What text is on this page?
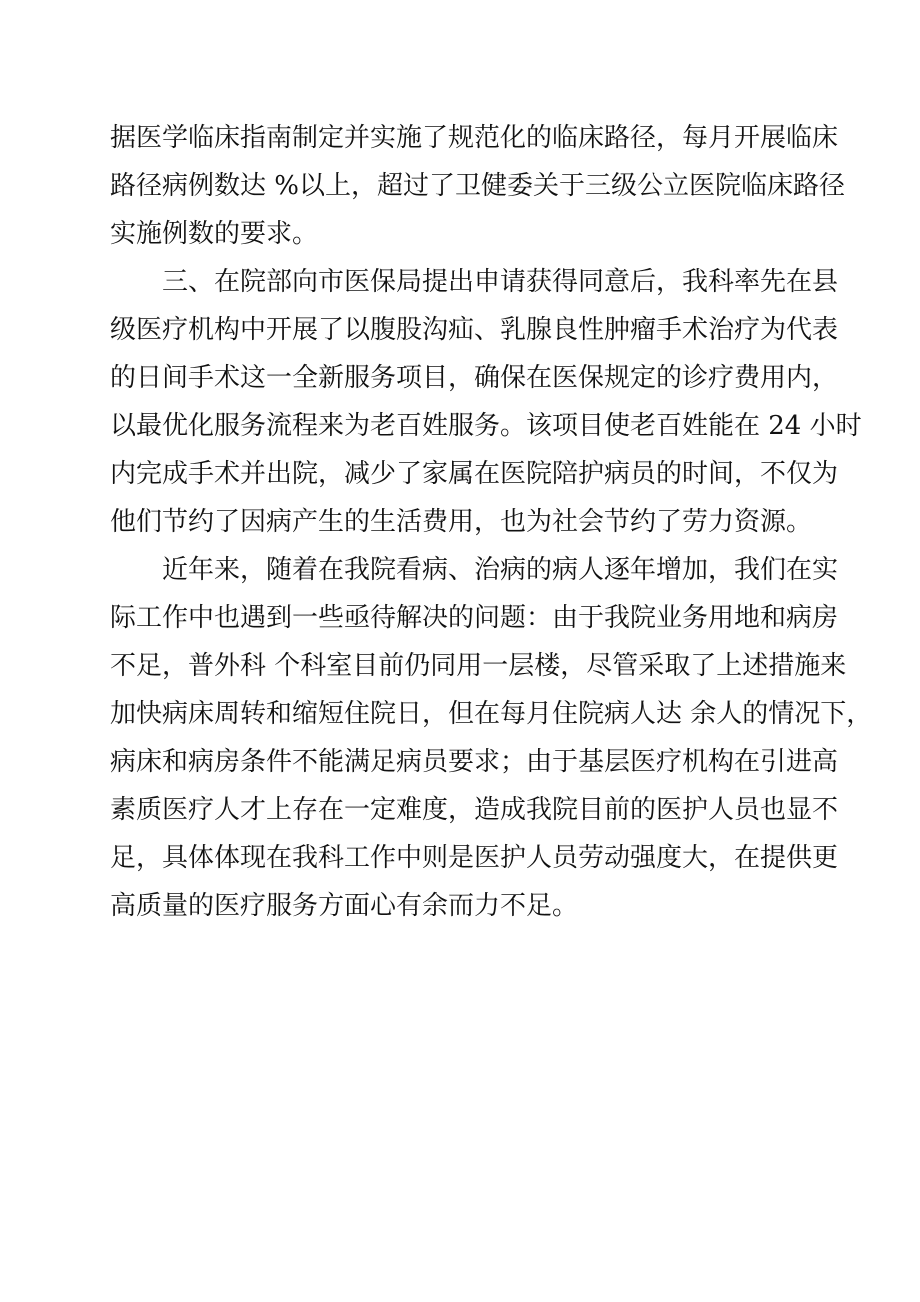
据医学临床指南制定并实施了规范化的临床路径，每月开展临床
路径病例数达 %以上，超过了卫健委关于三级公立医院临床路径
实施例数的要求。
三、在院部向市医保局提出申请获得同意后，我科率先在县
级医疗机构中开展了以腹股沟疝、乳腺良性肿瘤手术治疗为代表
的日间手术这一全新服务项目，确保在医保规定的诊疗费用内，
以最优化服务流程来为老百姓服务。该项目使老百姓能在 24 小时
内完成手术并出院，减少了家属在医院陪护病员的时间，不仅为
他们节约了因病产生的生活费用，也为社会节约了劳力资源。
近年来，随着在我院看病、治病的病人逐年增加，我们在实
际工作中也遇到一些亟待解决的问题：由于我院业务用地和病房
不足，普外科 个科室目前仍同用一层楼，尽管采取了上述措施来
加快病床周转和缩短住院日，但在每月住院病人达 余人的情况下，
病床和病房条件不能满足病员要求；由于基层医疗机构在引进高
素质医疗人才上存在一定难度，造成我院目前的医护人员也显不
足，具体体现在我科工作中则是医护人员劳动强度大，在提供更
高质量的医疗服务方面心有余而力不足。
